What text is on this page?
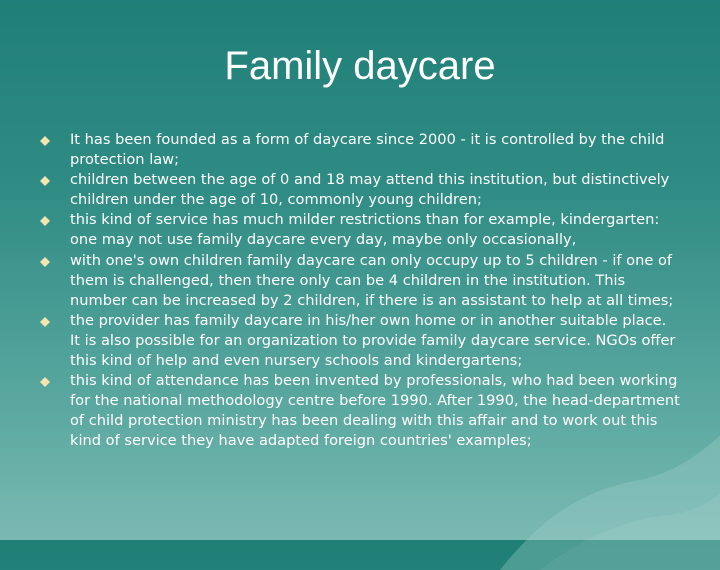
Family daycare
It has been founded as a form of daycare since 2000 - it is controlled by the child protection law;
children between the age of 0 and 18 may attend this institution, but distinctively children under the age of 10, commonly young children;
this kind of service has much milder restrictions than for example, kindergarten: one may not use family daycare every day, maybe only occasionally,
with one's own children family daycare can only occupy up to 5 children - if one of them is challenged, then there only can be 4 children in the institution. This number can be increased by 2 children, if there is an assistant to help at all times;
the provider has family daycare in his/her own home or in another suitable place. It is also possible for an organization to provide family daycare service. NGOs offer this kind of help and even nursery schools and kindergartens;
this kind of attendance has been invented by professionals, who had been working for the national methodology centre before 1990. After 1990, the head-department of child protection ministry has been dealing with this affair and to work out this kind of service they have adapted foreign countries' examples;
